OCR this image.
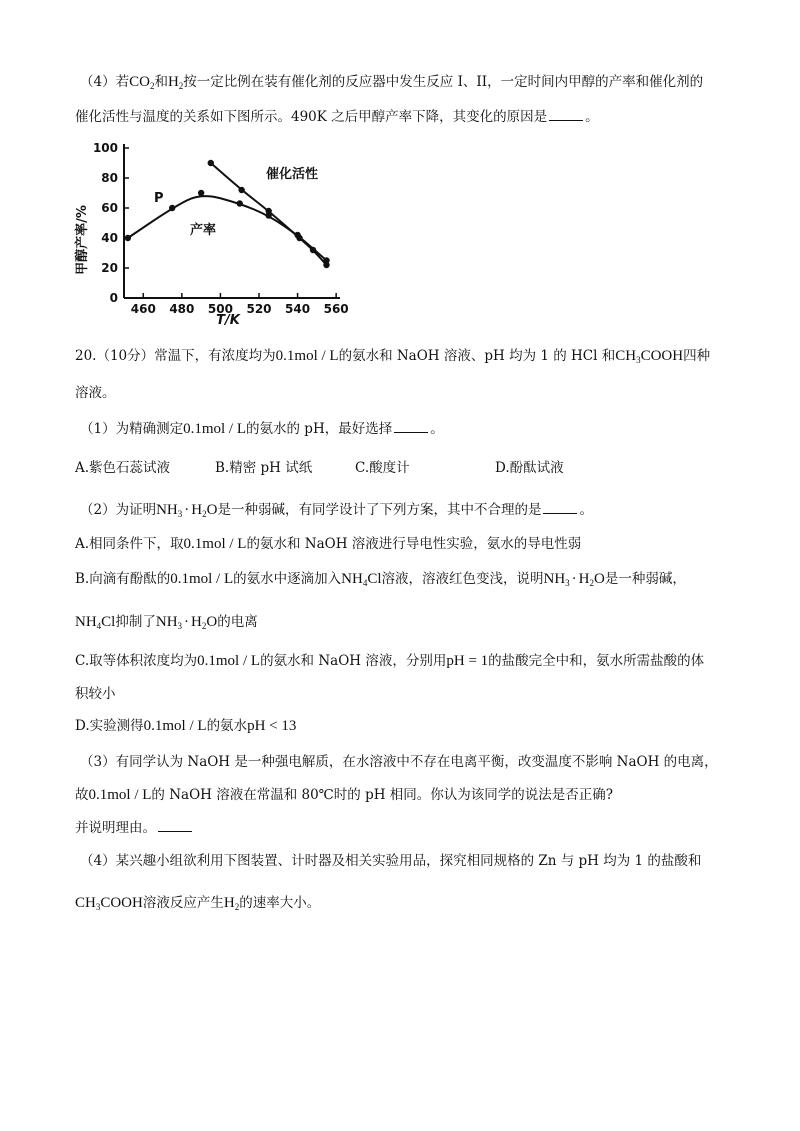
（4）若$CO_2$和$H_2$按一定比例在装有催化剂的反应器中发生反应 I、II，一定时间内甲醇的产率和催化剂的
催化活性与温度的关系如下图所示。490K 之后甲醇产率下降，其变化的原因是	。
0
20
40
60
80
100
460 480 500 520 540 560
甲醇产率/%
T/K
催化活性
产率
P
20.（10分）常温下，有浓度均为0.1mol / L的氨水和 NaOH 溶液、pH 均为 1 的 HCl 和$CH_3COOH$四种
溶液。
（1）为精确测定0.1mol / L的氨水的 pH，最好选择	。
A.紫色石蕊试液	B.精密 pH 试纸	C.酸度计	D.酚酞试液
（2）为证明$NH_3 \cdot H_2O$是一种弱碱，有同学设计了下列方案，其中不合理的是	。
A.相同条件下，取0.1mol / L的氨水和 NaOH 溶液进行导电性实验，氨水的导电性弱
B.向滴有酚酞的0.1mol / L的氨水中逐滴加入$NH_4Cl$溶液，溶液红色变浅，说明$NH_3 \cdot H_2O$是一种弱碱，
$NH_4Cl$抑制了$NH_3 \cdot H_2O$的电离
C.取等体积浓度均为0.1mol / L的氨水和 NaOH 溶液，分别用pH = 1的盐酸完全中和，氨水所需盐酸的体
积较小
D.实验测得0.1mol / L的氨水pH < 13
（3）有同学认为 NaOH 是一种强电解质，在水溶液中不存在电离平衡，改变温度不影响 NaOH 的电离，
故0.1mol / L的 NaOH 溶液在常温和 80℃时的 pH 相同。你认为该同学的说法是否正确?
并说明理由。
（4）某兴趣小组欲利用下图装置、计时器及相关实验用品，探究相同规格的 Zn 与 pH 均为 1 的盐酸和
$CH_3COOH$溶液反应产生$H_2$的速率大小。
